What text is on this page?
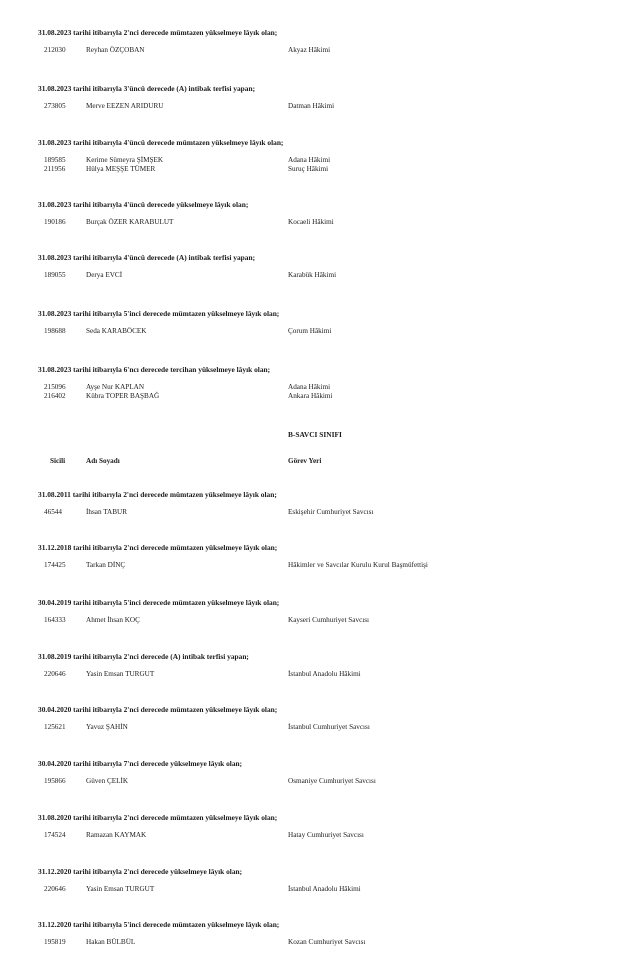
31.08.2023 tarihi itibarıyla 2'nci derecede mümtazen yükselmeye lâyık olan;
212030	Reyhan ÖZÇOBAN	Akyaz Hâkimi
31.08.2023 tarihi itibarıyla 3'üncü derecede (A) intibak terfisi yapan;
273805	Merve EEZEN ARIDURU	Datman Hâkimi
31.08.2023 tarihi itibarıyla 4'üncü derecede mümtazen yükselmeye lâyık olan;
189585	Kerime Sümeyra ŞİMŞEK	Adana Hâkimi
211956	Hülya MEŞŞE TÜMER	Suruç Hâkimi
31.08.2023 tarihi itibarıyla 4'üncü derecede yükselmeye lâyık olan;
190186	Burçak ÖZER KARABULUT	Kocaeli Hâkimi
31.08.2023 tarihi itibarıyla 4'üncü derecede (A) intibak terfisi yapan;
189055	Derya EVCİ	Karabük Hâkimi
31.08.2023 tarihi itibarıyla 5'inci derecede mümtazen yükselmeye lâyık olan;
198688	Seda KARABÖCEK	Çorum Hâkimi
31.08.2023 tarihi itibarıyla 6'ncı derecede tercihan yükselmeye lâyık olan;
215096	Ayşe Nur KAPLAN	Adana Hâkimi
216402	Kübra TOPER BAŞBAĞ	Ankara Hâkimi
B-SAVCI SINIFI
Sicili	Adı Soyadı	Görev Yeri
31.08.2011 tarihi itibarıyla 2'nci derecede mümtazen yükselmeye lâyık olan;
46544	İhsan TABUR	Eskişehir Cumhuriyet Savcısı
31.12.2018 tarihi itibarıyla 2'nci derecede mümtazen yükselmeye lâyık olan;
174425	Tarkan DİNÇ	Hâkimler ve Savcılar Kurulu Kurul Başmüfettişi
30.04.2019 tarihi itibarıyla 5'inci derecede mümtazen yükselmeye lâyık olan;
164333	Ahmet İhsan KOÇ	Kayseri Cumhuriyet Savcısı
31.08.2019 tarihi itibarıyla 2'nci derecede (A) intibak terfisi yapan;
220646	Yasin Emsan TURGUT	İstanbul Anadolu Hâkimi
30.04.2020 tarihi itibarıyla 2'nci derecede mümtazen yükselmeye lâyık olan;
125621	Yavuz ŞAHİN	İstanbul Cumhuriyet Savcısı
30.04.2020 tarihi itibarıyla 7'nci derecede yükselmeye lâyık olan;
195866	Güven ÇELİK	Osmaniye Cumhuriyet Savcısı
31.08.2020 tarihi itibarıyla 2'nci derecede mümtazen yükselmeye lâyık olan;
174524	Ramazan KAYMAK	Hatay Cumhuriyet Savcısı
31.12.2020 tarihi itibarıyla 2'nci derecede yükselmeye lâyık olan;
220646	Yasin Emsan TURGUT	İstanbul Anadolu Hâkimi
31.12.2020 tarihi itibarıyla 5'inci derecede mümtazen yükselmeye lâyık olan;
195819	Hakan BÜLBÜL	Kozan Cumhuriyet Savcısı
